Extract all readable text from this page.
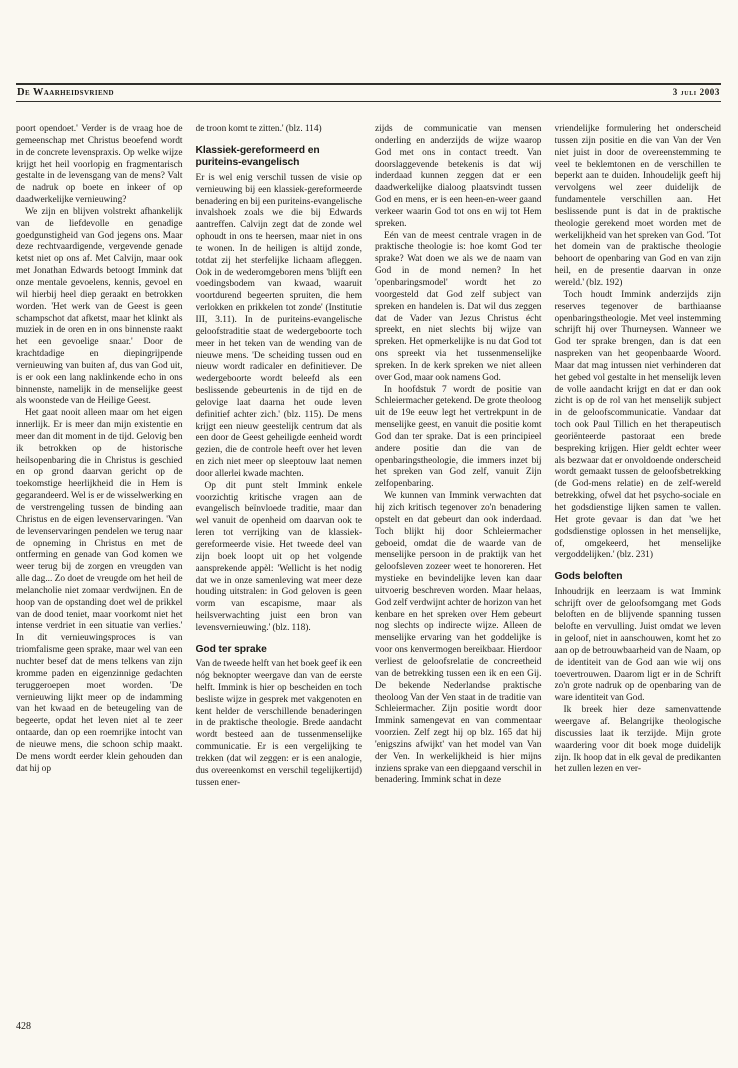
De Waarheidsvriend	3 juli 2003

poort opendoet.' Verder is de vraag hoe de gemeenschap met Christus beoefend wordt in de concrete levenspraxis. Op welke wijze krijgt het heil voorlopig en fragmentarisch gestalte in de levensgang van de mens? Valt de nadruk op boete en inkeer of op daadwerkelijke vernieuwing?

We zijn en blijven volstrekt afhankelijk van de liefdevolle en genadige goedgunstigheid van God jegens ons. Maar deze rechtvaardigende, vergevende genade ketst niet op ons af. Met Calvijn, maar ook met Jonathan Edwards betoogt Immink dat onze mentale gevoelens, kennis, gevoel en wil hierbij heel diep geraakt en betrokken worden. 'Het werk van de Geest is geen schampschot dat afketst, maar het klinkt als muziek in de oren en in ons binnenste raakt het een gevoelige snaar.' Door de krachtdadige en diepingrijpende vernieuwing van buiten af, dus van God uit, is er ook een lang naklinkende echo in ons binnenste, namelijk in de menselijke geest als woonstede van de Heilige Geest.

Het gaat nooit alleen maar om het eigen innerlijk. Er is meer dan mijn existentie en meer dan dit moment in de tijd. Gelovig ben ik betrokken op de historische heilsopenbaring die in Christus is geschied en op grond daarvan gericht op de toekomstige heerlijkheid die in Hem is gegarandeerd. Wel is er de wisselwerking en de verstrengeling tussen de binding aan Christus en de eigen levenservaringen. 'Van de levenservaringen pendelen we terug naar de opneming in Christus en met de ontferming en genade van God komen we weer terug bij de zorgen en vreugden van alle dag... Zo doet de vreugde om het heil de melancholie niet zomaar verdwijnen. En de hoop van de opstanding doet wel de prikkel van de dood teniet, maar voorkomt niet het intense verdriet in een situatie van verlies.' In dit vernieuwingsproces is van triomfalisme geen sprake, maar wel van een nuchter besef dat de mens telkens van zijn kromme paden en eigenzinnige gedachten teruggeroepen moet worden. 'De vernieuwing lijkt meer op de indamming van het kwaad en de beteugeling van de begeerte, opdat het leven niet al te zeer ontaarde, dan op een roemrijke intocht van de nieuwe mens, die schoon schip maakt. De mens wordt eerder klein gehouden dan dat hij op

de troon komt te zitten.' (blz. 114)

Klassiek-gereformeerd en puriteins-evangelisch

Er is wel enig verschil tussen de visie op vernieuwing bij een klassiek-gereformeerde benadering en bij een puriteins-evangelische invalshoek zoals we die bij Edwards aantreffen. Calvijn zegt dat de zonde wel ophoudt in ons te heersen, maar niet in ons te wonen. In de heiligen is altijd zonde, totdat zij het sterfelijke lichaam afleggen. Ook in de wederomgeboren mens 'blijft een voedingsbodem van kwaad, waaruit voortdurend begeerten spruiten, die hem verlokken en prikkelen tot zonde' (Institutie III, 3.11). In de puriteins-evangelische geloofstraditie staat de wedergeboorte toch meer in het teken van de wending van de nieuwe mens. 'De scheiding tussen oud en nieuw wordt radicaler en definitiever. De wedergeboorte wordt beleefd als een beslissende gebeurtenis in de tijd en de gelovige laat daarna het oude leven definitief achter zich.' (blz. 115). De mens krijgt een nieuw geestelijk centrum dat als een door de Geest geheiligde eenheid wordt gezien, die de controle heeft over het leven en zich niet meer op sleeptouw laat nemen door allerlei kwade machten.

Op dit punt stelt Immink enkele voorzichtig kritische vragen aan de evangelisch beïnvloede traditie, maar dan wel vanuit de openheid om daarvan ook te leren tot verrijking van de klassiek-gereformeerde visie. Het tweede deel van zijn boek loopt uit op het volgende aansprekende appèl: 'Wellicht is het nodig dat we in onze samenleving wat meer deze houding uitstralen: in God geloven is geen vorm van escapisme, maar als heilsverwachting juist een bron van levensvernieuwing.' (blz. 118).

God ter sprake

Van de tweede helft van het boek geef ik een nóg beknopter weergave dan van de eerste helft. Immink is hier op bescheiden en toch besliste wijze in gesprek met vakgenoten en kent helder de verschillende benaderingen in de praktische theologie. Brede aandacht wordt besteed aan de tussenmenselijke communicatie. Er is een vergelijking te trekken (dat wil zeggen: er is een analogie, dus overeenkomst en verschil tegelijkertijd) tussen ener-

zijds de communicatie van mensen onderling en anderzijds de wijze waarop God met ons in contact treedt. Van doorslaggevende betekenis is dat wij inderdaad kunnen zeggen dat er een daadwerkelijke dialoog plaatsvindt tussen God en mens, er is een heen-en-weer gaand verkeer waarin God tot ons en wij tot Hem spreken.

Eén van de meest centrale vragen in de praktische theologie is: hoe komt God ter sprake? Wat doen we als we de naam van God in de mond nemen? In het 'openbaringsmodel' wordt het zo voorgesteld dat God zelf subject van spreken en handelen is. Dat wil dus zeggen dat de Vader van Jezus Christus écht spreekt, en niet slechts bij wijze van spreken. Het opmerkelijke is nu dat God tot ons spreekt via het tussenmenselijke spreken. In de kerk spreken we niet alleen over God, maar ook namens God.

In hoofdstuk 7 wordt de positie van Schleiermacher getekend. De grote theoloog uit de 19e eeuw legt het vertrekpunt in de menselijke geest, en vanuit die positie komt God dan ter sprake. Dat is een principieel andere positie dan die van de openbaringstheologie, die immers inzet bij het spreken van God zelf, vanuit Zijn zelfopenbaring.

We kunnen van Immink verwachten dat hij zich kritisch tegenover zo'n benadering opstelt en dat gebeurt dan ook inderdaad. Toch blijkt hij door Schleiermacher geboeid, omdat die de waarde van de menselijke persoon in de praktijk van het geloofsleven zozeer weet te honoreren. Het mystieke en bevindelijke leven kan daar uitvoerig beschreven worden. Maar helaas, God zelf verdwijnt achter de horizon van het kenbare en het spreken over Hem gebeurt nog slechts op indirecte wijze. Alleen de menselijke ervaring van het goddelijke is voor ons kenvermogen bereikbaar. Hierdoor verliest de geloofsrelatie de concreetheid van de betrekking tussen een ik en een Gij. De bekende Nederlandse praktische theoloog Van der Ven staat in de traditie van Schleiermacher. Zijn positie wordt door Immink samengevat en van commentaar voorzien. Zelf zegt hij op blz. 165 dat hij 'enigszins afwijkt' van het model van Van der Ven. In werkelijkheid is hier mijns inziens sprake van een diepgaand verschil in benadering. Immink schat in deze

vriendelijke formulering het onderscheid tussen zijn positie en die van Van der Ven niet juist in door de overeenstemming te veel te beklemtonen en de verschillen te beperkt aan te duiden. Inhoudelijk geeft hij vervolgens wel zeer duidelijk de fundamentele verschillen aan. Het beslissende punt is dat in de praktische theologie gerekend moet worden met de werkelijkheid van het spreken van God. 'Tot het domein van de praktische theologie behoort de openbaring van God en van zijn heil, en de presentie daarvan in onze wereld.' (blz. 192)

Toch houdt Immink anderzijds zijn reserves tegenover de barthiaanse openbaringstheologie. Met veel instemming schrijft hij over Thurneysen. Wanneer we God ter sprake brengen, dan is dat een naspreken van het geopenbaarde Woord. Maar dat mag intussen niet verhinderen dat het gebed vol gestalte in het menselijk leven de volle aandacht krijgt en dat er dan ook zicht is op de rol van het menselijk subject in de geloofscommunicatie. Vandaar dat toch ook Paul Tillich en het therapeutisch georiënteerde pastoraat een brede bespreking krijgen. Hier geldt echter weer als bezwaar dat er onvoldoende onderscheid wordt gemaakt tussen de geloofsbetrekking (de God-mens relatie) en de zelf-wereld betrekking, ofwel dat het psycho-sociale en het godsdienstige lijken samen te vallen. Het grote gevaar is dan dat 'we het godsdienstige oplossen in het menselijke, of, omgekeerd, het menselijke vergoddelijken.' (blz. 231)

Gods beloften

Inhoudrijk en leerzaam is wat Immink schrijft over de geloofsomgang met Gods beloften en de blijvende spanning tussen belofte en vervulling. Juist omdat we leven in geloof, niet in aanschouwen, komt het zo aan op de betrouwbaarheid van de Naam, op de identiteit van de God aan wie wij ons toevertrouwen. Daarom ligt er in de Schrift zo'n grote nadruk op de openbaring van de ware identiteit van God.

Ik breek hier deze samenvattende weergave af. Belangrijke theologische discussies laat ik terzijde. Mijn grote waardering voor dit boek moge duidelijk zijn. Ik hoop dat in elk geval de predikanten het zullen lezen en ver-

428
